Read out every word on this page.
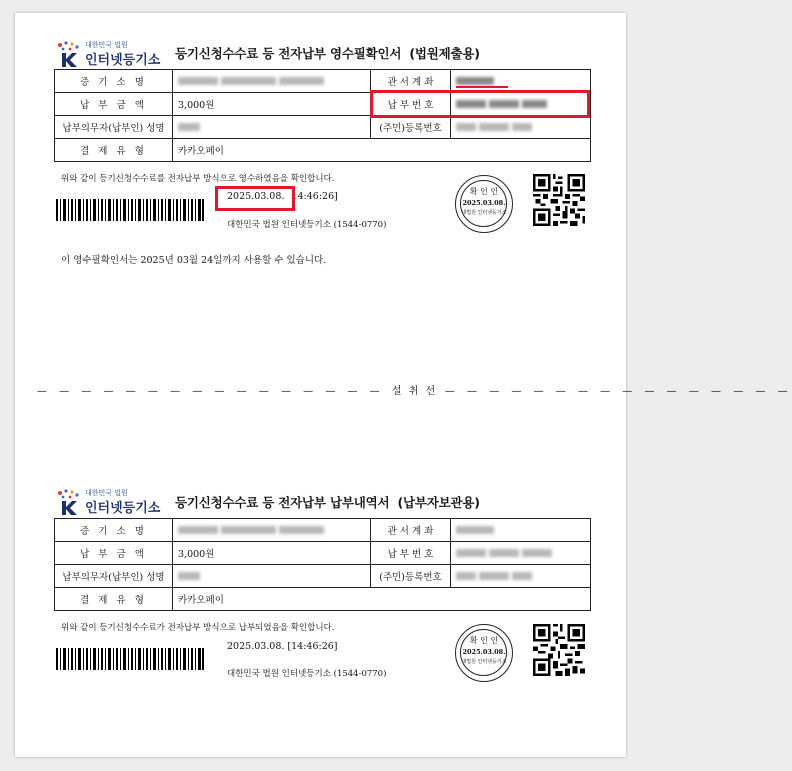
대한민국 법원
인터넷등기소 등기신청수수료 등 전자납부 영수필확인서 (법원제출용)
증 기 소 명		관 서 계 좌	
납 부 금 액	3,000원	납 부 번 호	
납부의무자(납부인) 성명		(주민)등록번호	
결 제 유 형	카카오페이		
위와 같이 등기신청수수료를 전자납부 방식으로 영수하였음을 확인합니다.
2025.03.08. 14:46:26]
대한민국 법원 인터넷등기소 (1544-0770)
확 인 인
2025.03.08.
대법원 인터넷등기소
이 영수필확인서는 2025년 03월 24일까지 사용할 수 있습니다.
— — — — — — — — — — — — — — — — 설 취 선 — — — — — — — — — — — — — — — —
대한민국 법원
인터넷등기소 등기신청수수료 등 전자납부 납부내역서 (납부자보관용)
증 기 소 명		관 서 계 좌	
납 부 금 액	3,000원	납 부 번 호	
납부의무자(납부인) 성명		(주민)등록번호	
결 제 유 형	카카오페이		
위와 같이 등기신청수수료가 전자납부 방식으로 납부되었음을 확인합니다.
2025.03.08. [14:46:26]
대한민국 법원 인터넷등기소 (1544-0770)
확 인 인
2025.03.08.
대법원 인터넷등기소
